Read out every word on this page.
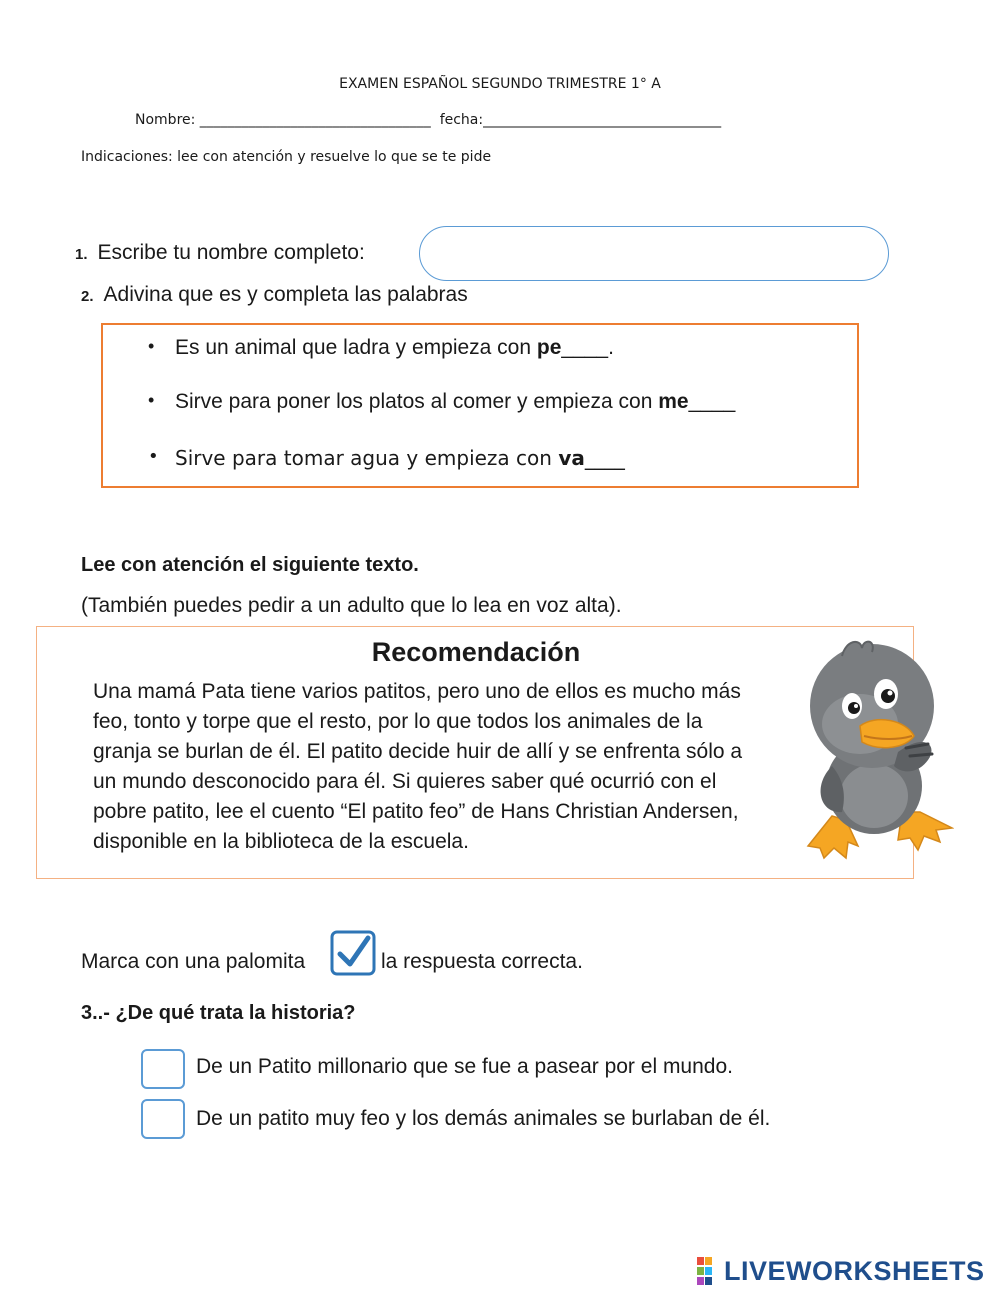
EXAMEN ESPAÑOL SEGUNDO TRIMESTRE 1° A
Nombre: _________________________________  fecha:__________________________________
Indicaciones: lee con atención y resuelve lo que se te pide
1. Escribe tu nombre completo:
2. Adivina que es y completa las palabras

•

Es un animal que ladra y empieza con pe____.

•

Sirve para poner los platos al comer y empieza con me____

•

Sirve para tomar agua y empieza con va____

Lee con atención el siguiente texto.
(También puedes pedir a un adulto que lo lea en voz alta).
Recomendación
Una mamá Pata tiene varios patitos, pero uno de ellos es mucho más
feo, tonto y torpe que el resto, por lo que todos los animales de la
granja se burlan de él. El patito decide huir de allí y se enfrenta sólo a
un mundo desconocido para él. Si quieres saber qué ocurrió con el
pobre patito, lee el cuento “El patito feo” de Hans Christian Andersen,
disponible en la biblioteca de la escuela.
Marca con una palomita	la respuesta correcta.
3..- ¿De qué trata la historia?
De un Patito millonario que se fue a pasear por el mundo.
De un patito muy feo y los demás animales se burlaban de él.
LIVEWORKSHEETS
